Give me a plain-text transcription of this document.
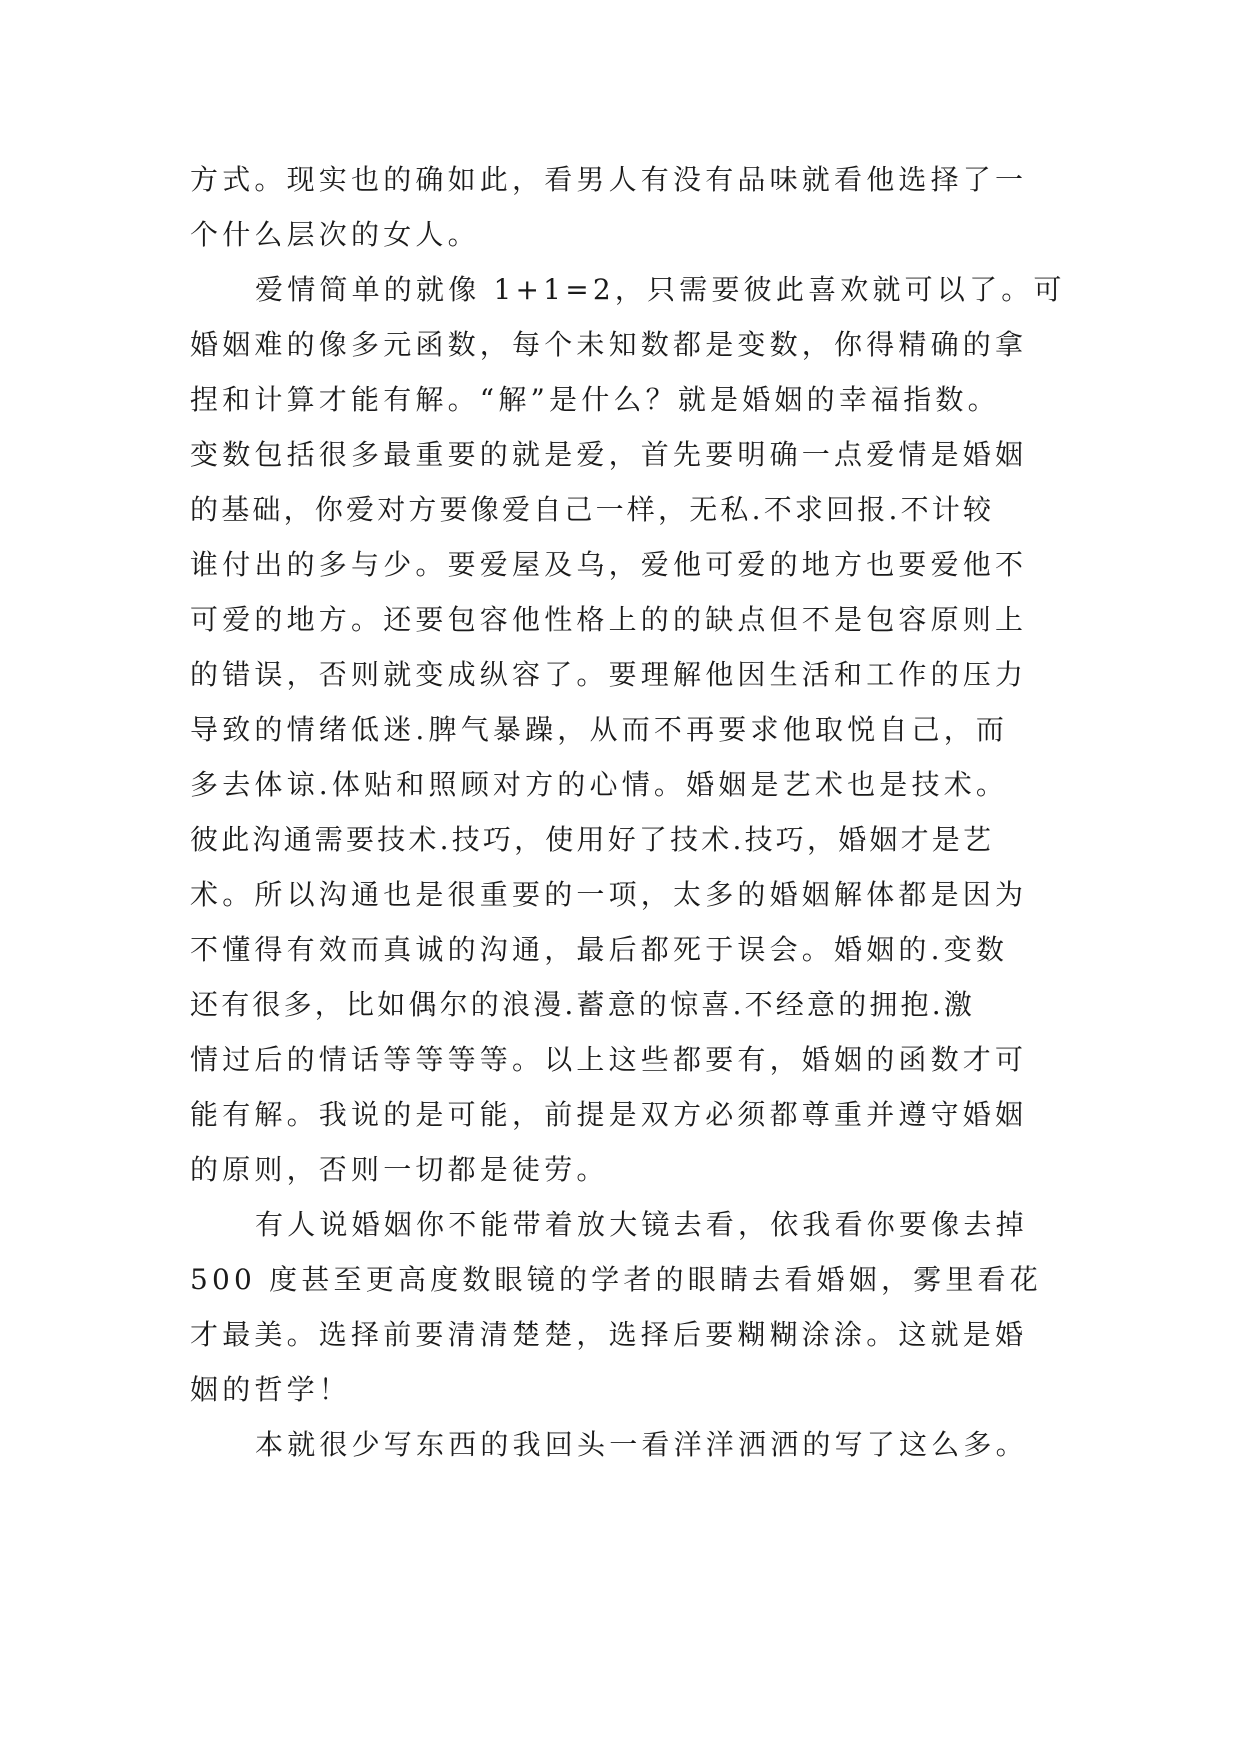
方式。现实也的确如此，看男人有没有品味就看他选择了一
个什么层次的女人。
爱情简单的就像 1+1=2，只需要彼此喜欢就可以了。可
婚姻难的像多元函数，每个未知数都是变数，你得精确的拿
捏和计算才能有解。“解”是什么？就是婚姻的幸福指数。
变数包括很多最重要的就是爱，首先要明确一点爱情是婚姻
的基础，你爱对方要像爱自己一样，无私.不求回报.不计较
谁付出的多与少。要爱屋及乌，爱他可爱的地方也要爱他不
可爱的地方。还要包容他性格上的的缺点但不是包容原则上
的错误，否则就变成纵容了。要理解他因生活和工作的压力
导致的情绪低迷.脾气暴躁，从而不再要求他取悦自己，而
多去体谅.体贴和照顾对方的心情。婚姻是艺术也是技术。
彼此沟通需要技术.技巧，使用好了技术.技巧，婚姻才是艺
术。所以沟通也是很重要的一项，太多的婚姻解体都是因为
不懂得有效而真诚的沟通，最后都死于误会。婚姻的.变数
还有很多，比如偶尔的浪漫.蓄意的惊喜.不经意的拥抱.激
情过后的情话等等等等。以上这些都要有，婚姻的函数才可
能有解。我说的是可能，前提是双方必须都尊重并遵守婚姻
的原则，否则一切都是徒劳。
有人说婚姻你不能带着放大镜去看，依我看你要像去掉
500 度甚至更高度数眼镜的学者的眼睛去看婚姻，雾里看花
才最美。选择前要清清楚楚，选择后要糊糊涂涂。这就是婚
姻的哲学！
本就很少写东西的我回头一看洋洋洒洒的写了这么多。
